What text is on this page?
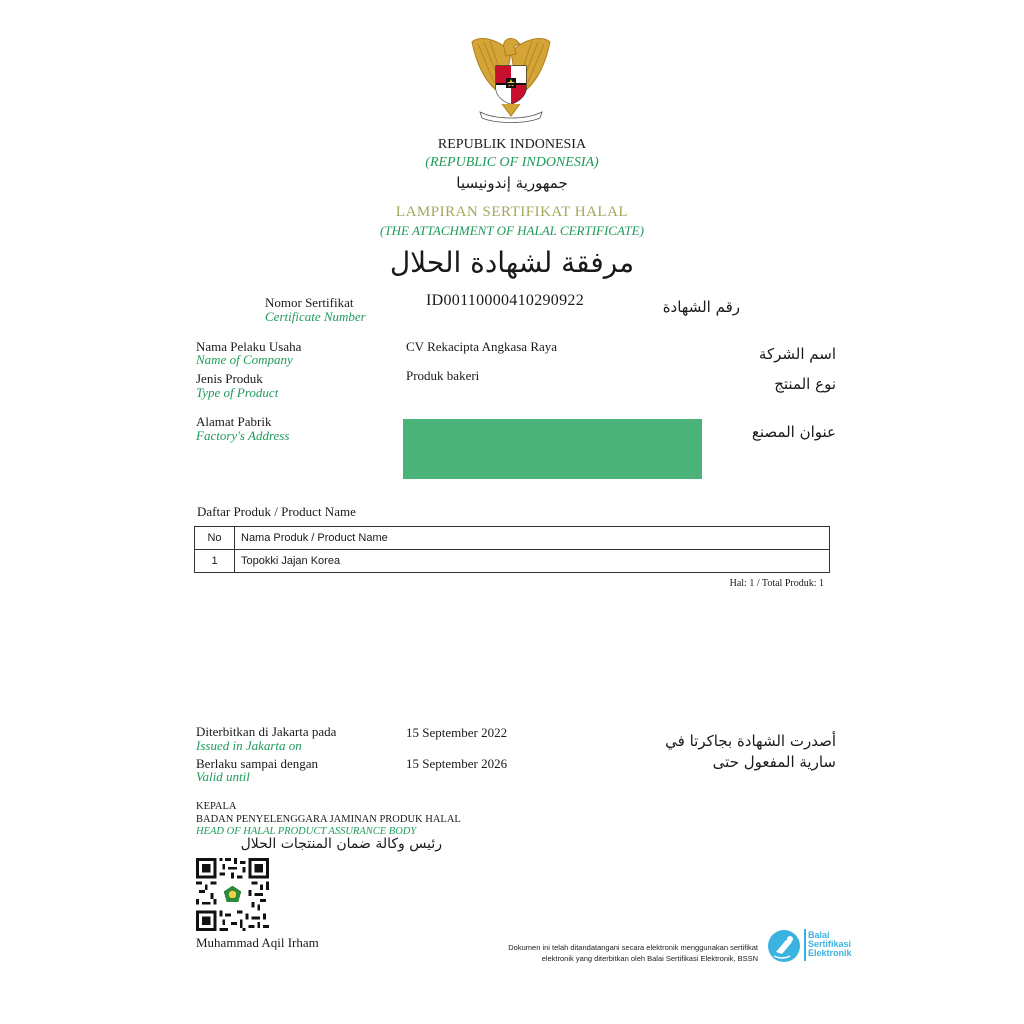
REPUBLIK INDONESIA
(REPUBLIC OF INDONESIA)
جمهورية إندونيسيا
LAMPIRAN SERTIFIKAT HALAL
(THE ATTACHMENT OF HALAL CERTIFICATE)
مرفقة لشهادة الحلال
Nomor Sertifikat
Certificate Number
ID00110000410290922	رقم الشهادة
Nama Pelaku Usaha
Name of Company
CV Rekacipta Angkasa Raya	اسم الشركة
Jenis Produk
Type of Product
Produk bakeri	نوع المنتج
Alamat Pabrik
Factory's Address	عنوان المصنع
Daftar Produk / Product Name
No	Nama Produk / Product Name
1	Topokki Jajan Korea
Hal: 1 / Total Produk: 1
Diterbitkan di Jakarta pada
Issued in Jakarta on
15 September 2022	أصدرت الشهادة بجاكرتا في
Berlaku sampai dengan
Valid until
15 September 2026	سارية المفعول حتى
KEPALA
BADAN PENYELENGGARA JAMINAN PRODUK HALAL
HEAD OF HALAL PRODUCT ASSURANCE BODY
رئيس وكالة ضمان المنتجات الحلال
Muhammad Aqil Irham	Dokumen ini telah ditandatangani secara elektronik menggunakan sertifikat
elektronik yang diterbitkan oleh Balai Sertifikasi Elektronik, BSSN
Balai
Sertifikasi
Elektronik
